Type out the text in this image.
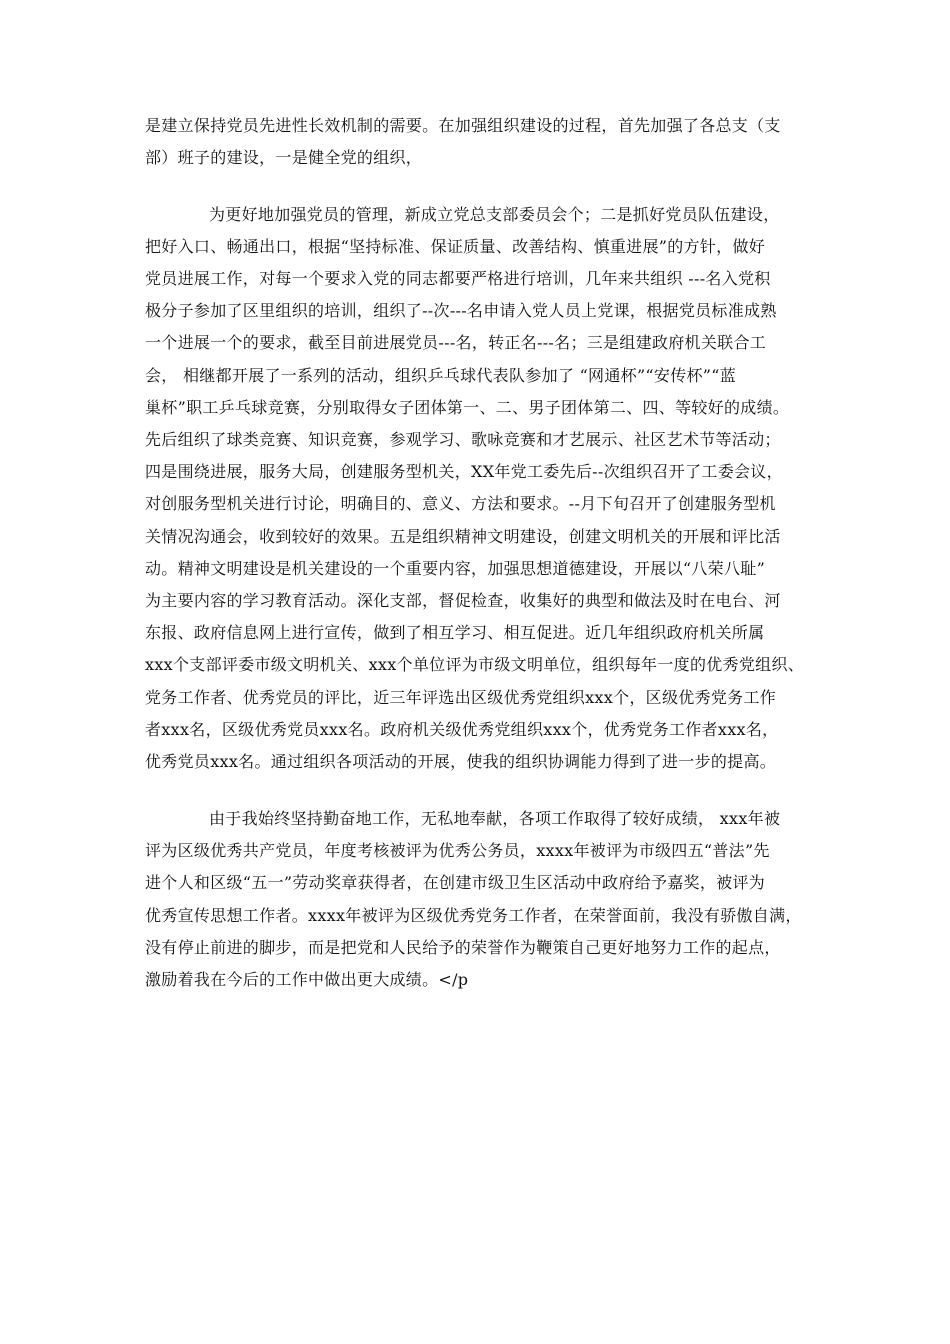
是建立保持党员先进性长效机制的需要。在加强组织建设的过程，首先加强了各总支（支
部）班子的建设，一是健全党的组织，
为更好地加强党员的管理，新成立党总支部委员会个；二是抓好党员队伍建设，
把好入口、畅通出口，根据“坚持标准、保证质量、改善结构、慎重进展”的方针，做好
党员进展工作，对每一个要求入党的同志都要严格进行培训，几年来共组织 ---名入党积
极分子参加了区里组织的培训，组织了--次---名申请入党人员上党课，根据党员标准成熟
一个进展一个的要求，截至目前进展党员---名，转正名---名；三是组建政府机关联合工
会， 相继都开展了一系列的活动，组织乒乓球代表队参加了 “网通杯”“安传杯”“蓝
巢杯”职工乒乓球竞赛，分别取得女子团体第一、二、男子团体第二、四、等较好的成绩。
先后组织了球类竞赛、知识竞赛，参观学习、歌咏竞赛和才艺展示、社区艺术节等活动；
四是围绕进展，服务大局，创建服务型机关，XX年党工委先后--次组织召开了工委会议，
对创服务型机关进行讨论，明确目的、意义、方法和要求。--月下旬召开了创建服务型机
关情况沟通会，收到较好的效果。五是组织精神文明建设，创建文明机关的开展和评比活
动。精神文明建设是机关建设的一个重要内容，加强思想道德建设，开展以“八荣八耻”
为主要内容的学习教育活动。深化支部，督促检查，收集好的典型和做法及时在电台、河
东报、政府信息网上进行宣传，做到了相互学习、相互促进。近几年组织政府机关所属
xxx个支部评委市级文明机关、xxx个单位评为市级文明单位，组织每年一度的优秀党组织、
党务工作者、优秀党员的评比，近三年评选出区级优秀党组织xxx个，区级优秀党务工作
者xxx名，区级优秀党员xxx名。政府机关级优秀党组织xxx个，优秀党务工作者xxx名，
优秀党员xxx名。通过组织各项活动的开展，使我的组织协调能力得到了进一步的提高。
由于我始终坚持勤奋地工作，无私地奉献，各项工作取得了较好成绩， xxx年被
评为区级优秀共产党员，年度考核被评为优秀公务员，xxxx年被评为市级四五“普法”先
进个人和区级“五一”劳动奖章获得者，在创建市级卫生区活动中政府给予嘉奖，被评为
优秀宣传思想工作者。xxxx年被评为区级优秀党务工作者，在荣誉面前，我没有骄傲自满，
没有停止前进的脚步，而是把党和人民给予的荣誉作为鞭策自己更好地努力工作的起点，
激励着我在今后的工作中做出更大成绩。</p
